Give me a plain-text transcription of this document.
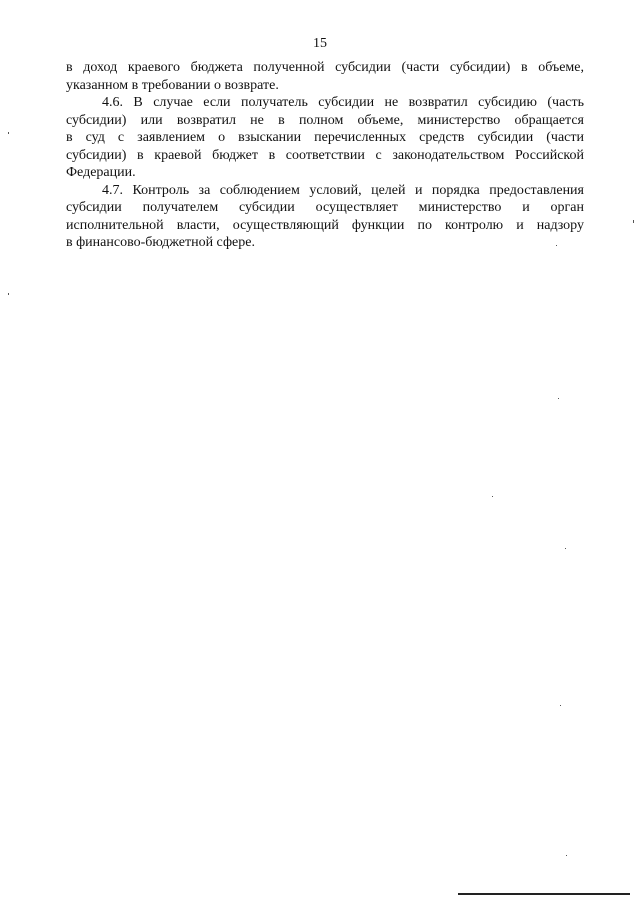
15
в доход краевого бюджета полученной субсидии (части субсидии) в объеме,
указанном в требовании о возврате.
4.6. В случае если получатель субсидии не возвратил субсидию (часть
субсидии) или возвратил не в полном объеме, министерство обращается
в суд с заявлением о взыскании перечисленных средств субсидии (части
субсидии) в краевой бюджет в соответствии с законодательством Российской
Федерации.
4.7. Контроль за соблюдением условий, целей и порядка предоставления
субсидии получателем субсидии осуществляет министерство и орган
исполнительной власти, осуществляющий функции по контролю и надзору
в финансово-бюджетной сфере.
